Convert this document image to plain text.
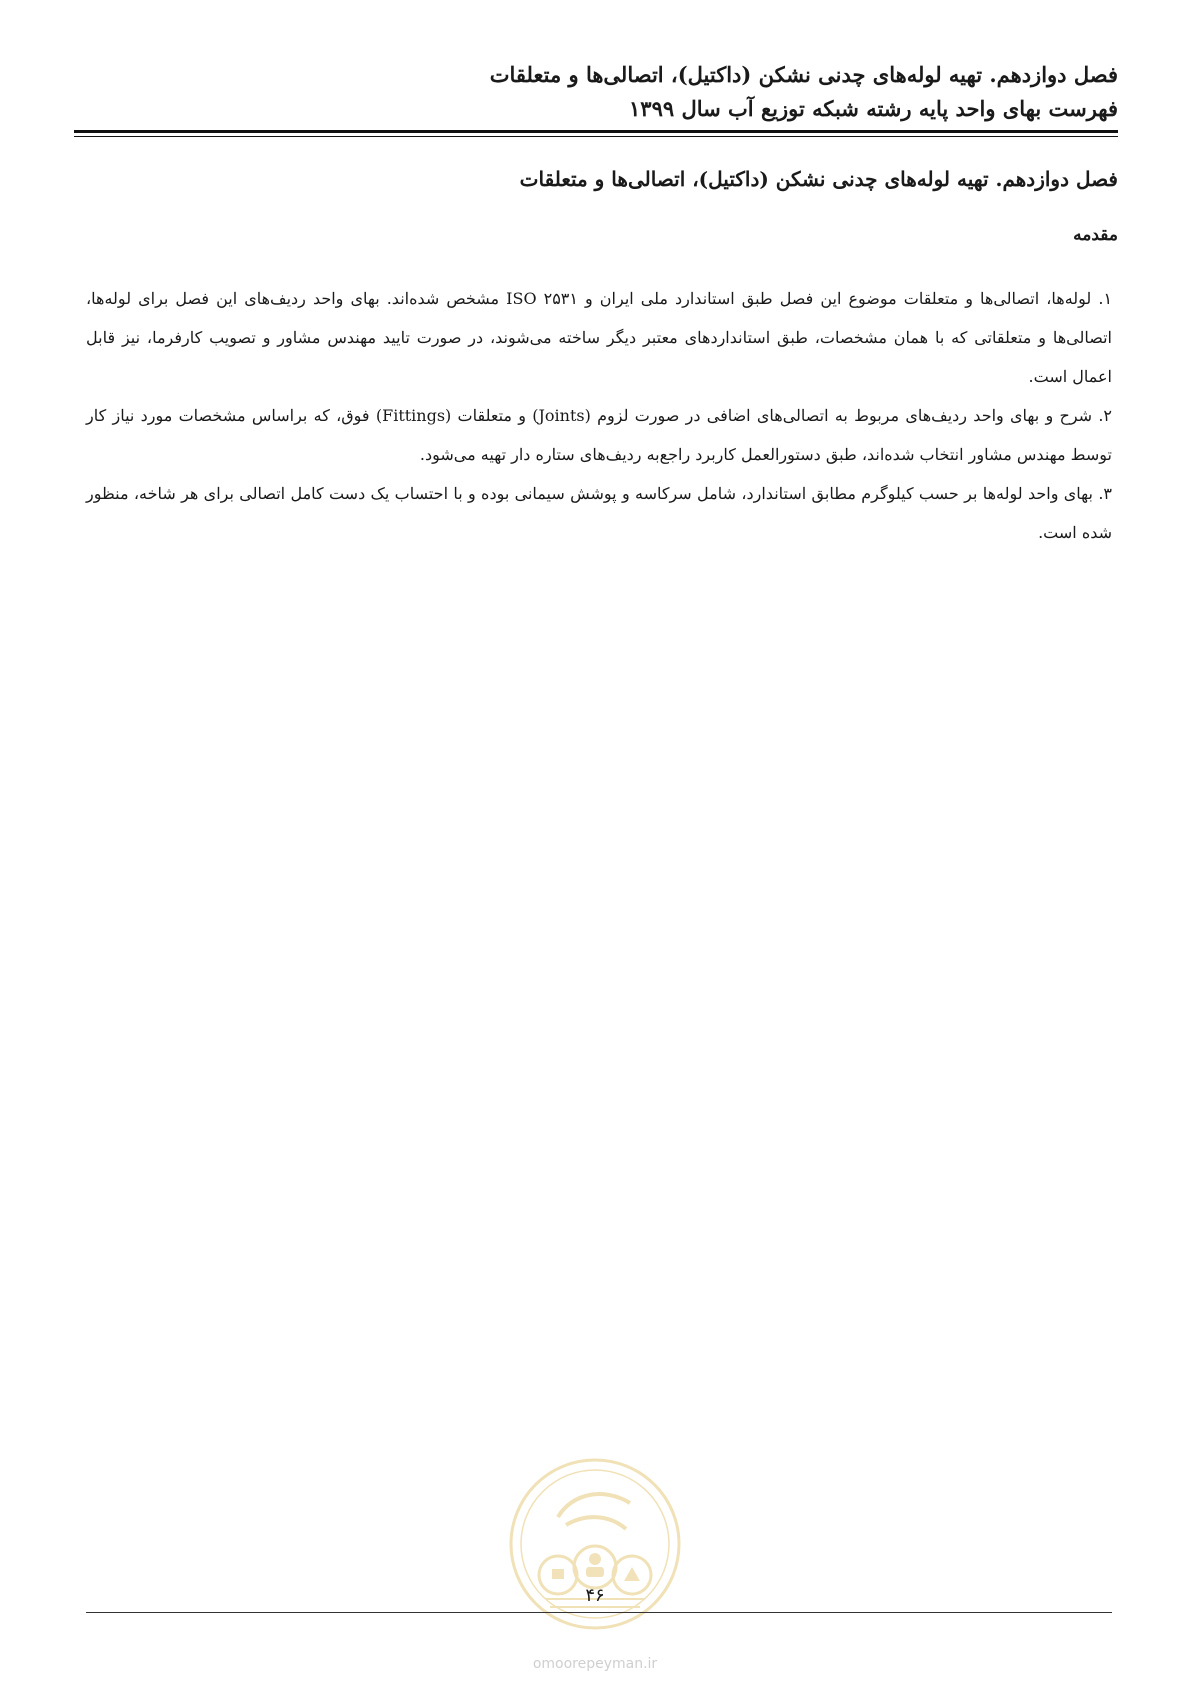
فصل دوازدهم. تهیه لوله‌های چدنی نشکن (داکتیل)، اتصالی‌ها و متعلقات
فهرست بهای واحد پایه رشته شبکه توزیع آب سال ۱۳۹۹
فصل دوازدهم. تهیه لوله‌های چدنی نشکن (داکتیل)، اتصالی‌ها و متعلقات
مقدمه

۱. لوله‌ها، اتصالی‌ها و متعلقات موضوع این فصل طبق استاندارد ملی ایران و ISO ۲۵۳۱ مشخص شده‌اند. بهای واحد ردیف‌های این فصل برای لوله‌ها، اتصالی‌ها و متعلقاتی که با همان مشخصات، طبق استانداردهای معتبر دیگر ساخته می‌شوند، در صورت تایید مهندس مشاور و تصویب کارفرما، نیز قابل اعمال است.

۲. شرح و بهای واحد ردیف‌های مربوط به اتصالی‌های اضافی در صورت لزوم (Joints) و متعلقات (Fittings) فوق، که براساس مشخصات مورد نیاز کار توسط مهندس مشاور انتخاب شده‌اند، طبق دستورالعمل کاربرد راجع‌به ردیف‌های ستاره دار تهیه می‌شود.

۳. بهای واحد لوله‌ها بر حسب کیلوگرم مطابق استاندارد، شامل سرکاسه و پوشش سیمانی بوده و با احتساب یک دست کامل اتصالی برای هر شاخه، منظور شده است.

۴۶
omoorepeyman.ir
